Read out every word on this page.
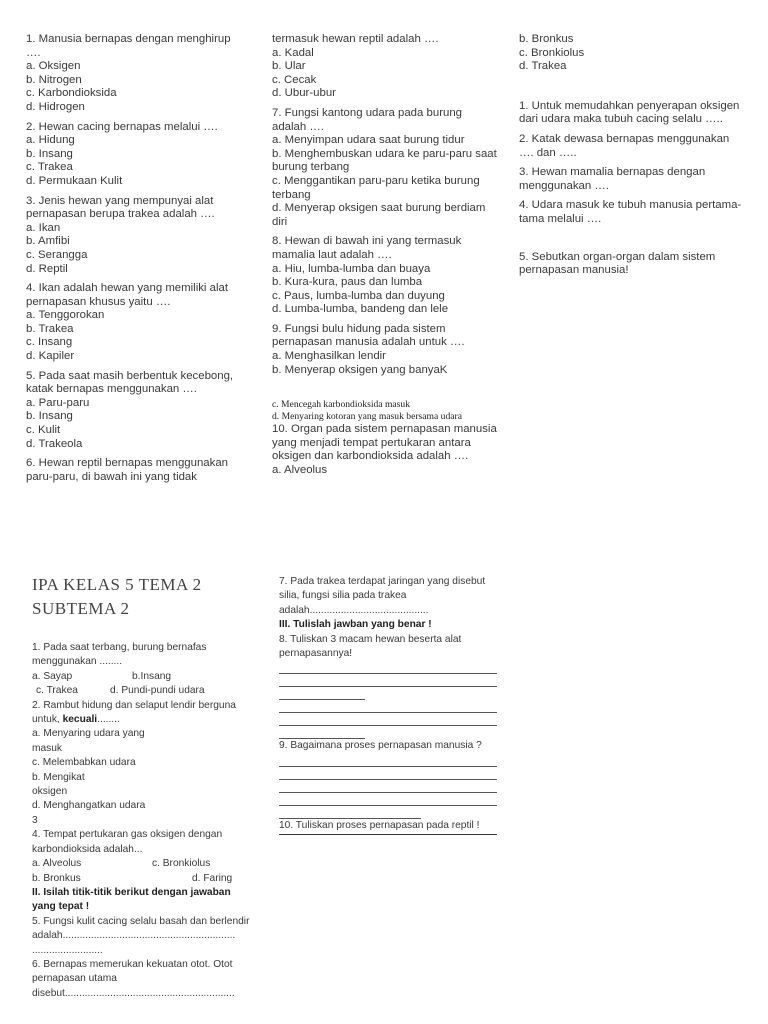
1. Manusia bernapas dengan menghirup ….
a. Oksigen
b. Nitrogen
c. Karbondioksida
d. Hidrogen
2. Hewan cacing bernapas melalui ….
a. Hidung
b. Insang
c. Trakea
d. Permukaan Kulit
3. Jenis hewan yang mempunyai alat pernapasan berupa trakea adalah ….
a. Ikan
b. Amfibi
c. Serangga
d. Reptil
4. Ikan adalah hewan yang memiliki alat pernapasan khusus yaitu ….
a. Tenggorokan
b. Trakea
c. Insang
d. Kapiler
5. Pada saat masih berbentuk kecebong, katak bernapas menggunakan ….
a. Paru-paru
b. Insang
c. Kulit
d. Trakeola
6. Hewan reptil bernapas menggunakan paru-paru, di bawah ini yang tidak
termasuk hewan reptil adalah ….
a. Kadal
b. Ular
c. Cecak
d. Ubur-ubur
7. Fungsi kantong udara pada burung adalah ….
a. Menyimpan udara saat burung tidur
b. Menghembuskan udara ke paru-paru saat burung terbang
c. Menggantikan paru-paru ketika burung terbang
d. Menyerap oksigen saat burung berdiam diri
8. Hewan di bawah ini yang termasuk mamalia laut adalah ….
a. Hiu, lumba-lumba dan buaya
b. Kura-kura, paus dan lumba
c. Paus, lumba-lumba dan duyung
d. Lumba-lumba, bandeng dan lele
9. Fungsi bulu hidung pada sistem pernapasan manusia adalah untuk ….
a. Menghasilkan lendir
b. Menyerap oksigen yang banyaK
c. Mencegah karbondioksida masuk
d. Menyaring kotoran yang masuk bersama udara
10. Organ pada sistem pernapasan manusia yang menjadi tempat pertukaran antara oksigen dan karbondioksida adalah ….
a. Alveolus
b. Bronkus
c. Bronkiolus
d. Trakea
1. Untuk memudahkan penyerapan oksigen dari udara maka tubuh cacing selalu …..
2. Katak dewasa bernapas menggunakan …. dan …..
3. Hewan mamalia bernapas dengan menggunakan ….
4. Udara masuk ke tubuh manusia pertama-tama melalui ….
5. Sebutkan organ-organ dalam sistem pernapasan manusia!
IPA KELAS 5 TEMA 2
SUBTEMA 2
1. Pada saat terbang, burung bernafas menggunakan ........
a. Sayap	b.Insang
c. Trakea	d. Pundi-pundi udara
2. Rambut hidung dan selaput lendir berguna untuk, kecuali........
a. Menyaring udara yang
masuk
c. Melembabkan udara
b. Mengikat
oksigen
d. Menghangatkan udara
3
4. Tempat pertukaran gas oksigen dengan karbondioksida adalah...
a. Alveolus	c. Bronkiolus
b. Bronkus	d. Faring
II. Isilah titik-titik berikut dengan jawaban yang tepat !
5. Fungsi kulit cacing selalu basah dan berlendir
adalah.............................................................
.........................
6. Bernapas memerukan kekuatan otot. Otot pernapasan utama
disebut............................................................
7. Pada trakea terdapat jaringan yang disebut silia, fungsi silia pada trakea adalah..........................................
III. Tulislah jawban yang benar !
8. Tuliskan 3 macam hewan beserta alat pernapasannya!
9. Bagaimana proses pernapasan manusia ?
10. Tuliskan proses pernapasan pada reptil !
